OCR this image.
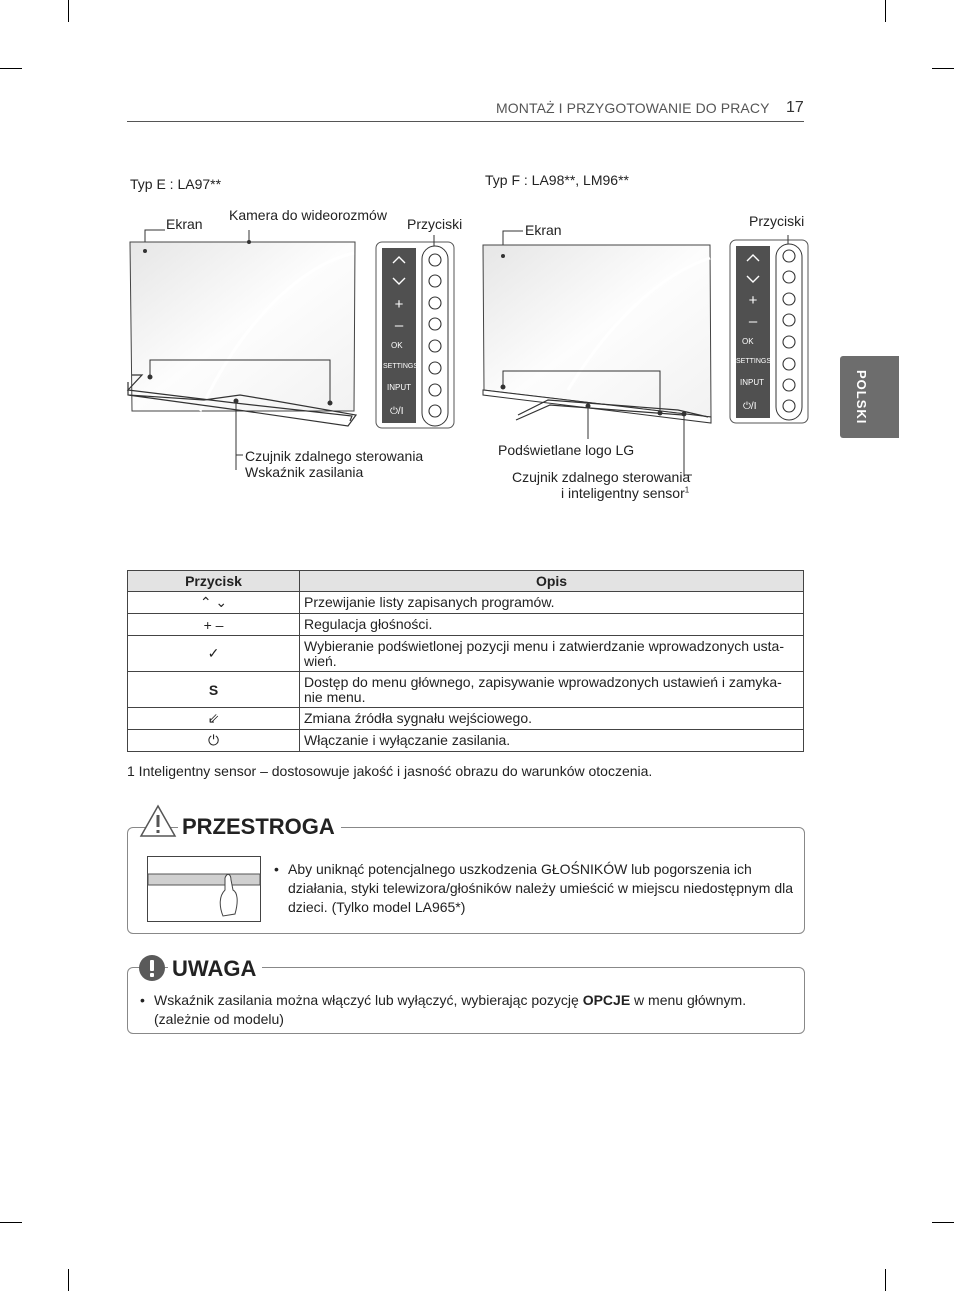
MONTAŻ I PRZYGOTOWANIE DO PRACY 17
POLSKI
Typ E : LA97**
Ekran
Kamera do wideorozmów
Przyciski
Czujnik zdalnego sterowania
Wskaźnik zasilania
+
–
OK
SETTINGS
INPUT
⏻/I
Typ F : LA98**, LM96**
Ekran
Przyciski
Podświetlane logo LG
Czujnik zdalnego sterowania
i inteligentny sensor$^1$
+
–
OK
SETTINGS
INPUT
⏻/I
Przycisk	Opis
⌃ ⌄	Przewijanie listy zapisanych programów.
+ –	Regulacja głośności.
✓	Wybieranie podświetlonej pozycji menu i zatwierdzanie wprowadzonych usta-wień.
S	Dostęp do menu głównego, zapisywanie wprowadzonych ustawień i zamyka-nie menu.
⇙	Zmiana źródła sygnału wejściowego.
⏻	Włączanie i wyłączanie zasilania.
1 Inteligentny sensor – dostosowuje jakość i jasność obrazu do warunków otoczenia.
PRZESTROGA
• Aby uniknąć potencjalnego uszkodzenia GŁOŚNIKÓW lub pogorszenia ich działania, styki telewizora/głośników należy umieścić w miejscu niedostępnym dla dzieci. (Tylko model LA965*)
UWAGA
• Wskaźnik zasilania można włączyć lub wyłączyć, wybierając pozycję OPCJE w menu głównym. (zależnie od modelu)
